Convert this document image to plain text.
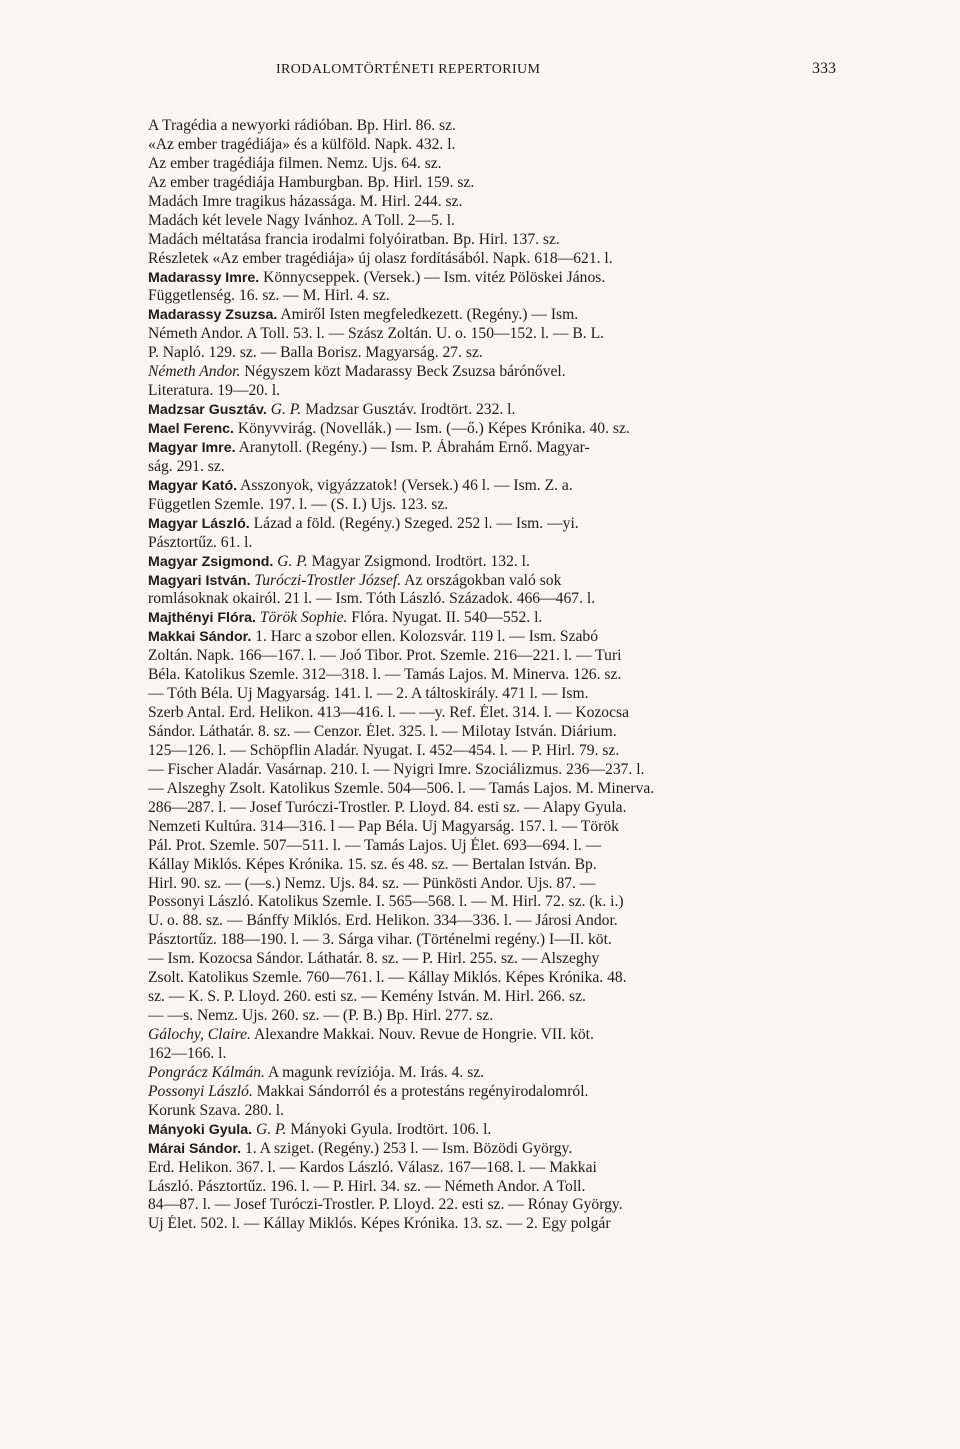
IRODALOMTÖRTÉNETI REPERTORIUM	333
A Tragédia a newyorki rádióban. Bp. Hirl. 86. sz.
«Az ember tragédiája» és a külföld. Napk. 432. l.
Az ember tragédiája filmen. Nemz. Ujs. 64. sz.
Az ember tragédiája Hamburgban. Bp. Hirl. 159. sz.
Madách Imre tragikus házassága. M. Hirl. 244. sz.
Madách két levele Nagy Ivánhoz. A Toll. 2—5. l.
Madách méltatása francia irodalmi folyóiratban. Bp. Hirl. 137. sz.
Részletek «Az ember tragédiája» új olasz fordításából. Napk. 618—621. l.
Madarassy Imre. Könnycseppek. (Versek.) — Ism. vitéz Pölöskei János.
Függetlenség. 16. sz. — M. Hirl. 4. sz.
Madarassy Zsuzsa. Amiről Isten megfeledkezett. (Regény.) — Ism.
Németh Andor. A Toll. 53. l. — Szász Zoltán. U. o. 150—152. l. — B. L.
P. Napló. 129. sz. — Balla Borisz. Magyarság. 27. sz.
Németh Andor. Négyszem közt Madarassy Beck Zsuzsa bárónővel.
Literatura. 19—20. l.
Madzsar Gusztáv. G. P. Madzsar Gusztáv. Irodtört. 232. l.
Mael Ferenc. Könyvvirág. (Novellák.) — Ism. (—ő.) Képes Krónika. 40. sz.
Magyar Imre. Aranytoll. (Regény.) — Ism. P. Ábrahám Ernő. Magyar-
ság. 291. sz.
Magyar Kató. Asszonyok, vigyázzatok! (Versek.) 46 l. — Ism. Z. a.
Független Szemle. 197. l. — (S. I.) Ujs. 123. sz.
Magyar László. Lázad a föld. (Regény.) Szeged. 252 l. — Ism. —yi.
Pásztortűz. 61. l.
Magyar Zsigmond. G. P. Magyar Zsigmond. Irodtört. 132. l.
Magyari István. Turóczi-Trostler József. Az országokban való sok
romlásoknak okairól. 21 l. — Ism. Tóth László. Századok. 466—467. l.
Majthényi Flóra. Török Sophie. Flóra. Nyugat. II. 540—552. l.
Makkai Sándor. 1. Harc a szobor ellen. Kolozsvár. 119 l. — Ism. Szabó
Zoltán. Napk. 166—167. l. — Joó Tibor. Prot. Szemle. 216—221. l. — Turi
Béla. Katolikus Szemle. 312—318. l. — Tamás Lajos. M. Minerva. 126. sz.
— Tóth Béla. Uj Magyarság. 141. l. — 2. A táltoskirály. 471 l. — Ism.
Szerb Antal. Erd. Helikon. 413—416. l. — —y. Ref. Élet. 314. l. — Kozocsa
Sándor. Láthatár. 8. sz. — Cenzor. Élet. 325. l. — Milotay István. Diárium.
125—126. l. — Schöpflin Aladár. Nyugat. I. 452—454. l. — P. Hirl. 79. sz.
— Fischer Aladár. Vasárnap. 210. l. — Nyigri Imre. Szociálizmus. 236—237. l.
— Alszeghy Zsolt. Katolikus Szemle. 504—506. l. — Tamás Lajos. M. Minerva.
286—287. l. — Josef Turóczi-Trostler. P. Lloyd. 84. esti sz. — Alapy Gyula.
Nemzeti Kultúra. 314—316. l — Pap Béla. Uj Magyarság. 157. l. — Török
Pál. Prot. Szemle. 507—511. l. — Tamás Lajos. Uj Élet. 693—694. l. —
Kállay Miklós. Képes Krónika. 15. sz. és 48. sz. — Bertalan István. Bp.
Hirl. 90. sz. — (—s.) Nemz. Ujs. 84. sz. — Pünkösti Andor. Ujs. 87. —
Possonyi László. Katolikus Szemle. I. 565—568. l. — M. Hirl. 72. sz. (k. i.)
U. o. 88. sz. — Bánffy Miklós. Erd. Helikon. 334—336. l. — Járosi Andor.
Pásztortűz. 188—190. l. — 3. Sárga vihar. (Történelmi regény.) I—II. köt.
— Ism. Kozocsa Sándor. Láthatár. 8. sz. — P. Hirl. 255. sz. — Alszeghy
Zsolt. Katolikus Szemle. 760—761. l. — Kállay Miklós. Képes Krónika. 48.
sz. — K. S. P. Lloyd. 260. esti sz. — Kemény István. M. Hirl. 266. sz.
— —s. Nemz. Ujs. 260. sz. — (P. B.) Bp. Hirl. 277. sz.
Gálochy, Claire. Alexandre Makkai. Nouv. Revue de Hongrie. VII. köt.
162—166. l.
Pongrácz Kálmán. A magunk revíziója. M. Irás. 4. sz.
Possonyi László. Makkai Sándorról és a protestáns regényirodalomról.
Korunk Szava. 280. l.
Mányoki Gyula. G. P. Mányoki Gyula. Irodtört. 106. l.
Márai Sándor. 1. A sziget. (Regény.) 253 l. — Ism. Bözödi György.
Erd. Helikon. 367. l. — Kardos László. Válasz. 167—168. l. — Makkai
László. Pásztortűz. 196. l. — P. Hirl. 34. sz. — Németh Andor. A Toll.
84—87. l. — Josef Turóczi-Trostler. P. Lloyd. 22. esti sz. — Rónay György.
Uj Élet. 502. l. — Kállay Miklós. Képes Krónika. 13. sz. — 2. Egy polgár
